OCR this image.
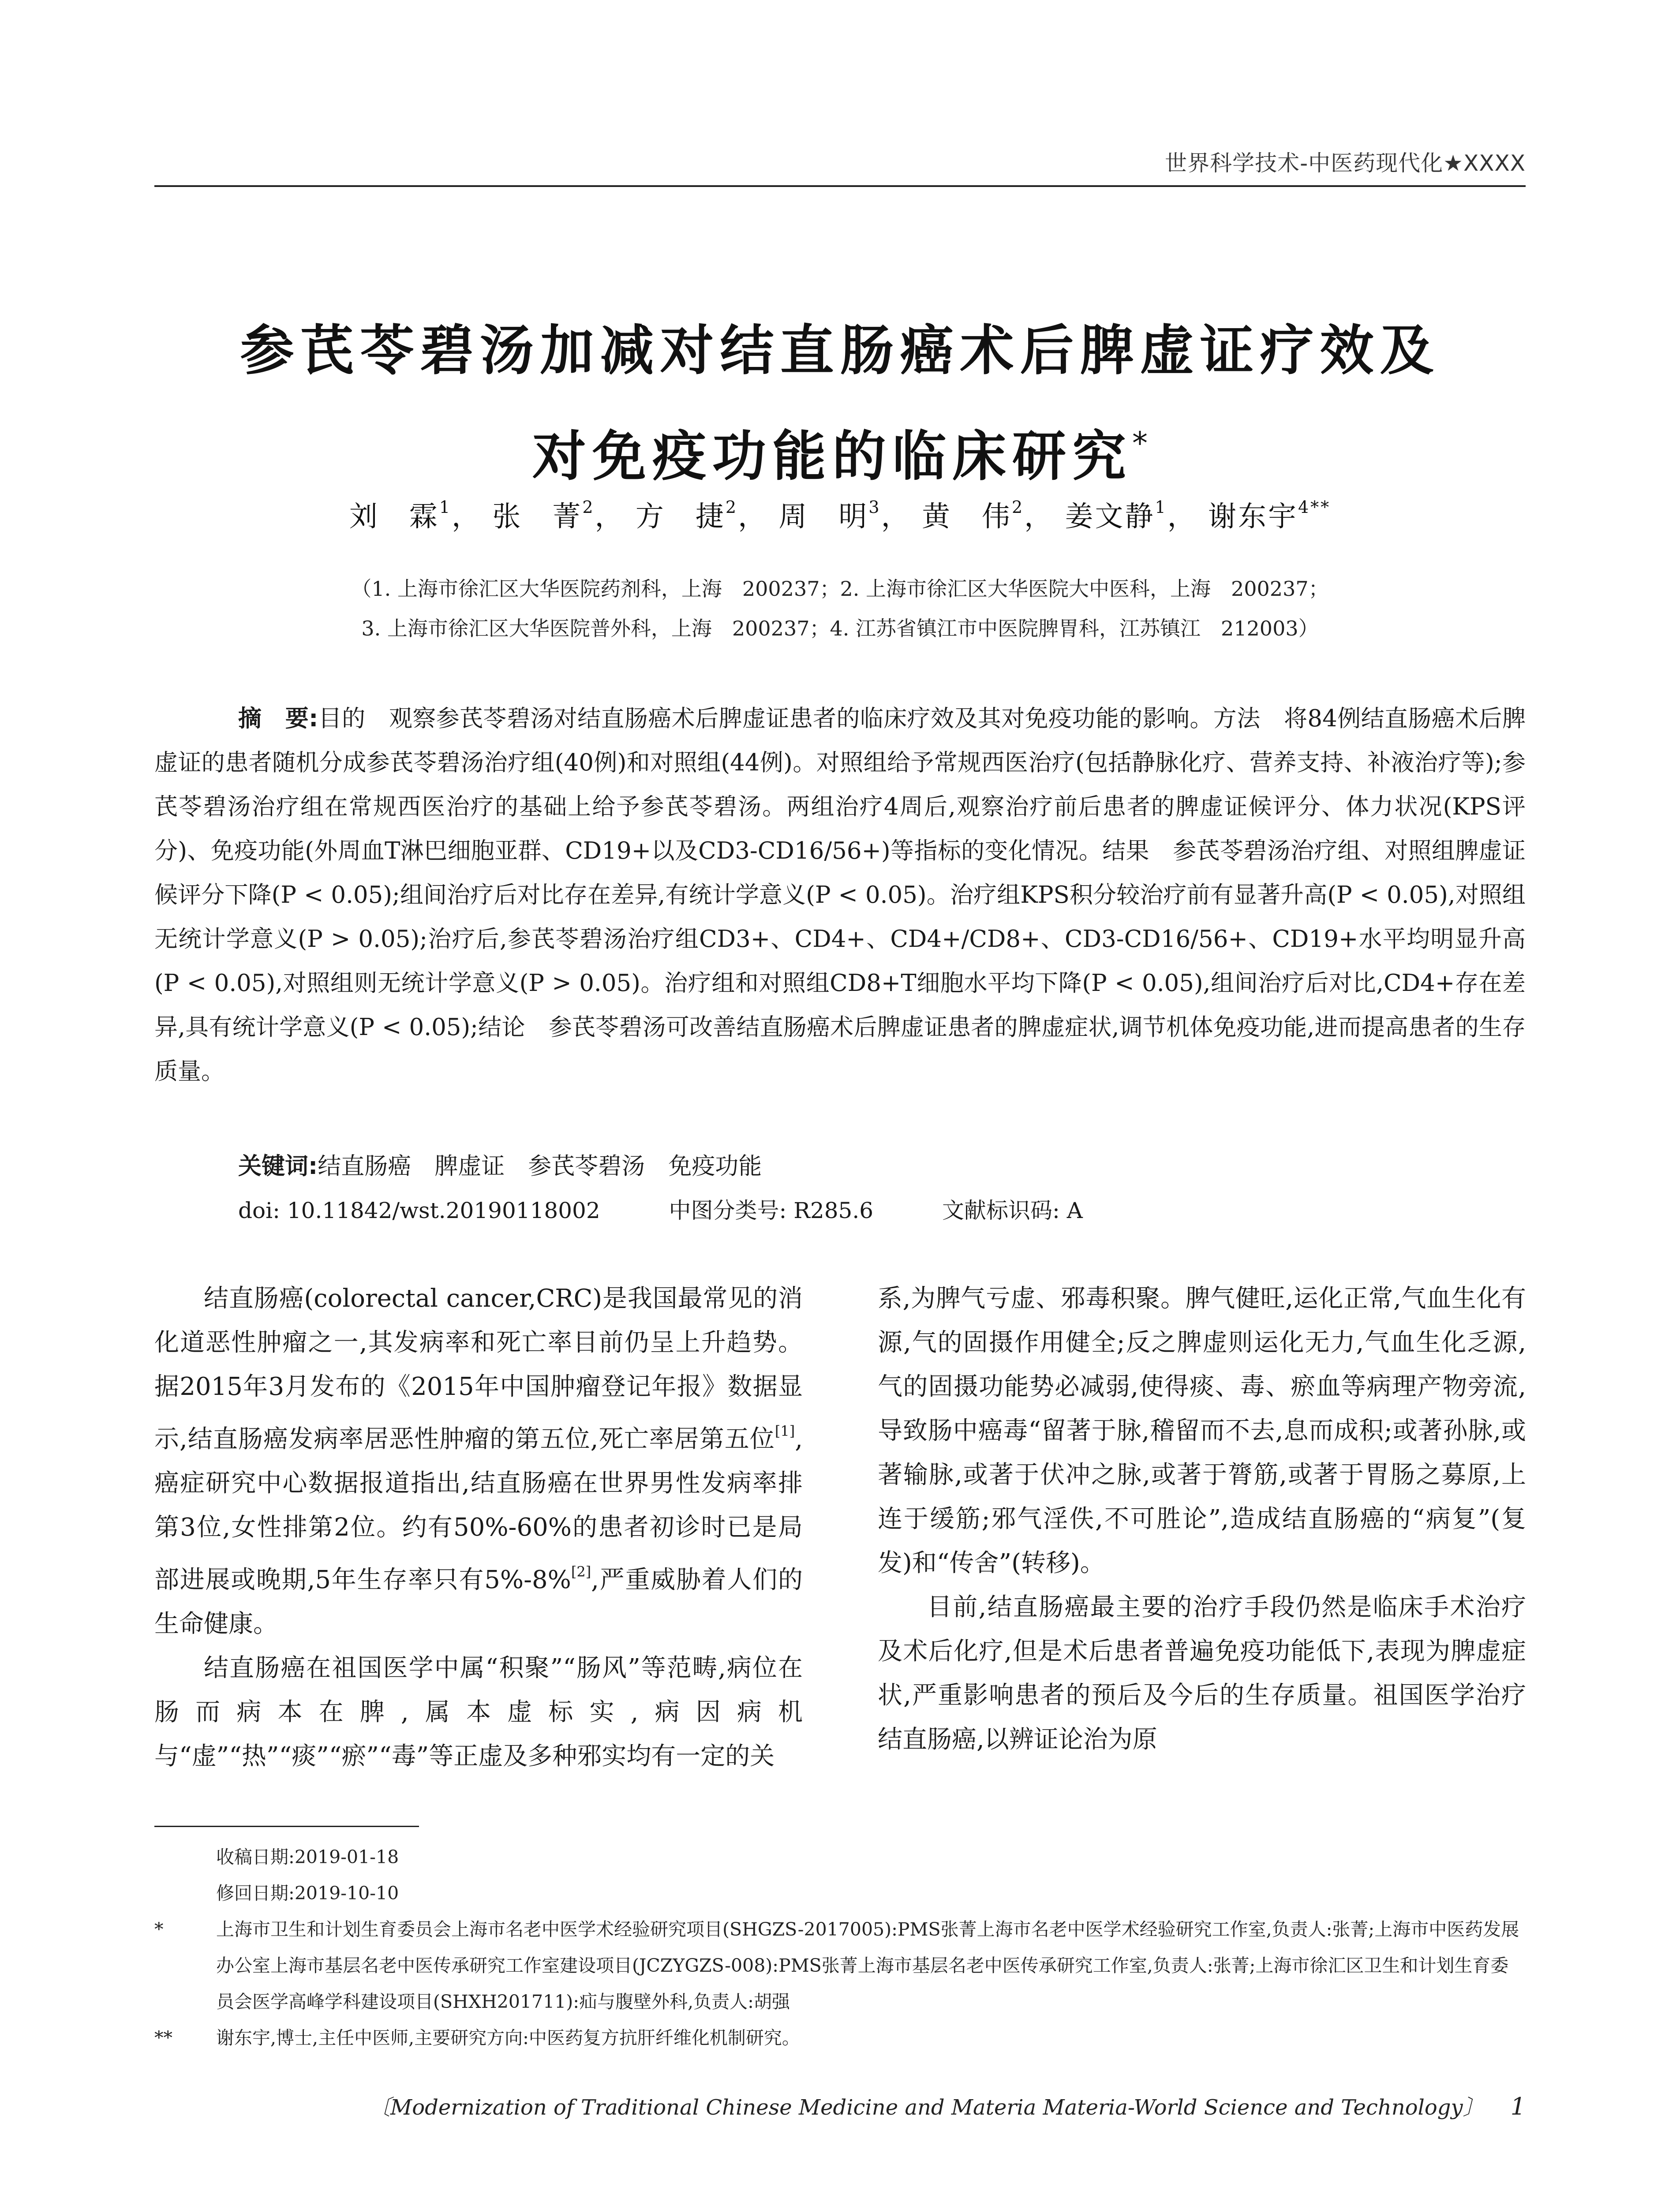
世界科学技术-中医药现代化★XXXX
参芪苓碧汤加减对结直肠癌术后脾虚证疗效及
对免疫功能的临床研究*
刘　霖$^1$， 张　菁$^2$， 方　捷$^2$， 周　明$^3$， 黄　伟$^2$， 姜文静$^1$， 谢东宇$^{4**}$
（1. 上海市徐汇区大华医院药剂科，上海　200237；2. 上海市徐汇区大华医院大中医科，上海　200237；
3. 上海市徐汇区大华医院普外科，上海　200237；4. 江苏省镇江市中医院脾胃科，江苏镇江　212003）

摘　要:目的　观察参芪苓碧汤对结直肠癌术后脾虚证患者的临床疗效及其对免疫功能的影响。方法　将84例结直肠癌术后脾虚证的患者随机分成参芪苓碧汤治疗组(40例)和对照组(44例)。对照组给予常规西医治疗(包括静脉化疗、营养支持、补液治疗等);参芪苓碧汤治疗组在常规西医治疗的基础上给予参芪苓碧汤。两组治疗4周后,观察治疗前后患者的脾虚证候评分、体力状况(KPS评分)、免疫功能(外周血T淋巴细胞亚群、CD19+以及CD3-CD16/56+)等指标的变化情况。结果　参芪苓碧汤治疗组、对照组脾虚证候评分下降(P < 0.05);组间治疗后对比存在差异,有统计学意义(P < 0.05)。治疗组KPS积分较治疗前有显著升高(P < 0.05),对照组无统计学意义(P > 0.05);治疗后,参芪苓碧汤治疗组CD3+、CD4+、CD4+/CD8+、CD3-CD16/56+、CD19+水平均明显升高(P < 0.05),对照组则无统计学意义(P > 0.05)。治疗组和对照组CD8+T细胞水平均下降(P < 0.05),组间治疗后对比,CD4+存在差异,具有统计学意义(P < 0.05);结论　参芪苓碧汤可改善结直肠癌术后脾虚证患者的脾虚症状,调节机体免疫功能,进而提高患者的生存质量。

关键词:结直肠癌　脾虚证　参芪苓碧汤　免疫功能
doi: 10.11842/wst.20190118002	中图分类号: R285.6	文献标识码: A

结直肠癌(colorectal cancer,CRC)是我国最常见的消化道恶性肿瘤之一,其发病率和死亡率目前仍呈上升趋势。据2015年3月发布的《2015年中国肿瘤登记年报》数据显示,结直肠癌发病率居恶性肿瘤的第五位,死亡率居第五位[1],癌症研究中心数据报道指出,结直肠癌在世界男性发病率排第3位,女性排第2位。约有50%-60%的患者初诊时已是局部进展或晚期,5年生存率只有5%-8%[2],严重威胁着人们的生命健康。

结直肠癌在祖国医学中属“积聚”“肠风”等范畴,病位在肠而病本在脾,属本虚标实,病因病机与“虚”“热”“痰”“瘀”“毒”等正虚及多种邪实均有一定的关

系,为脾气亏虚、邪毒积聚。脾气健旺,运化正常,气血生化有源,气的固摄作用健全;反之脾虚则运化无力,气血生化乏源,气的固摄功能势必减弱,使得痰、毒、瘀血等病理产物旁流,导致肠中癌毒“留著于脉,稽留而不去,息而成积;或著孙脉,或著输脉,或著于伏冲之脉,或著于膂筋,或著于胃肠之募原,上连于缓筋;邪气淫佚,不可胜论”,造成结直肠癌的“病复”(复发)和“传舍”(转移)。

目前,结直肠癌最主要的治疗手段仍然是临床手术治疗及术后化疗,但是术后患者普遍免疫功能低下,表现为脾虚症状,严重影响患者的预后及今后的生存质量。祖国医学治疗结直肠癌,以辨证论治为原

收稿日期:2019-01-18
修回日期:2019-10-10
*	上海市卫生和计划生育委员会上海市名老中医学术经验研究项目(SHGZS-2017005):PMS张菁上海市名老中医学术经验研究工作室,负责人:张菁;上海市中医药发展办公室上海市基层名老中医传承研究工作室建设项目(JCZYGZS-008):PMS张菁上海市基层名老中医传承研究工作室,负责人:张菁;上海市徐汇区卫生和计划生育委员会医学高峰学科建设项目(SHXH201711):疝与腹壁外科,负责人:胡强
** 谢东宇,博士,主任中医师,主要研究方向:中医药复方抗肝纤维化机制研究。
〔Modernization of Traditional Chinese Medicine and Materia Materia-World Science and Technology〕 1
